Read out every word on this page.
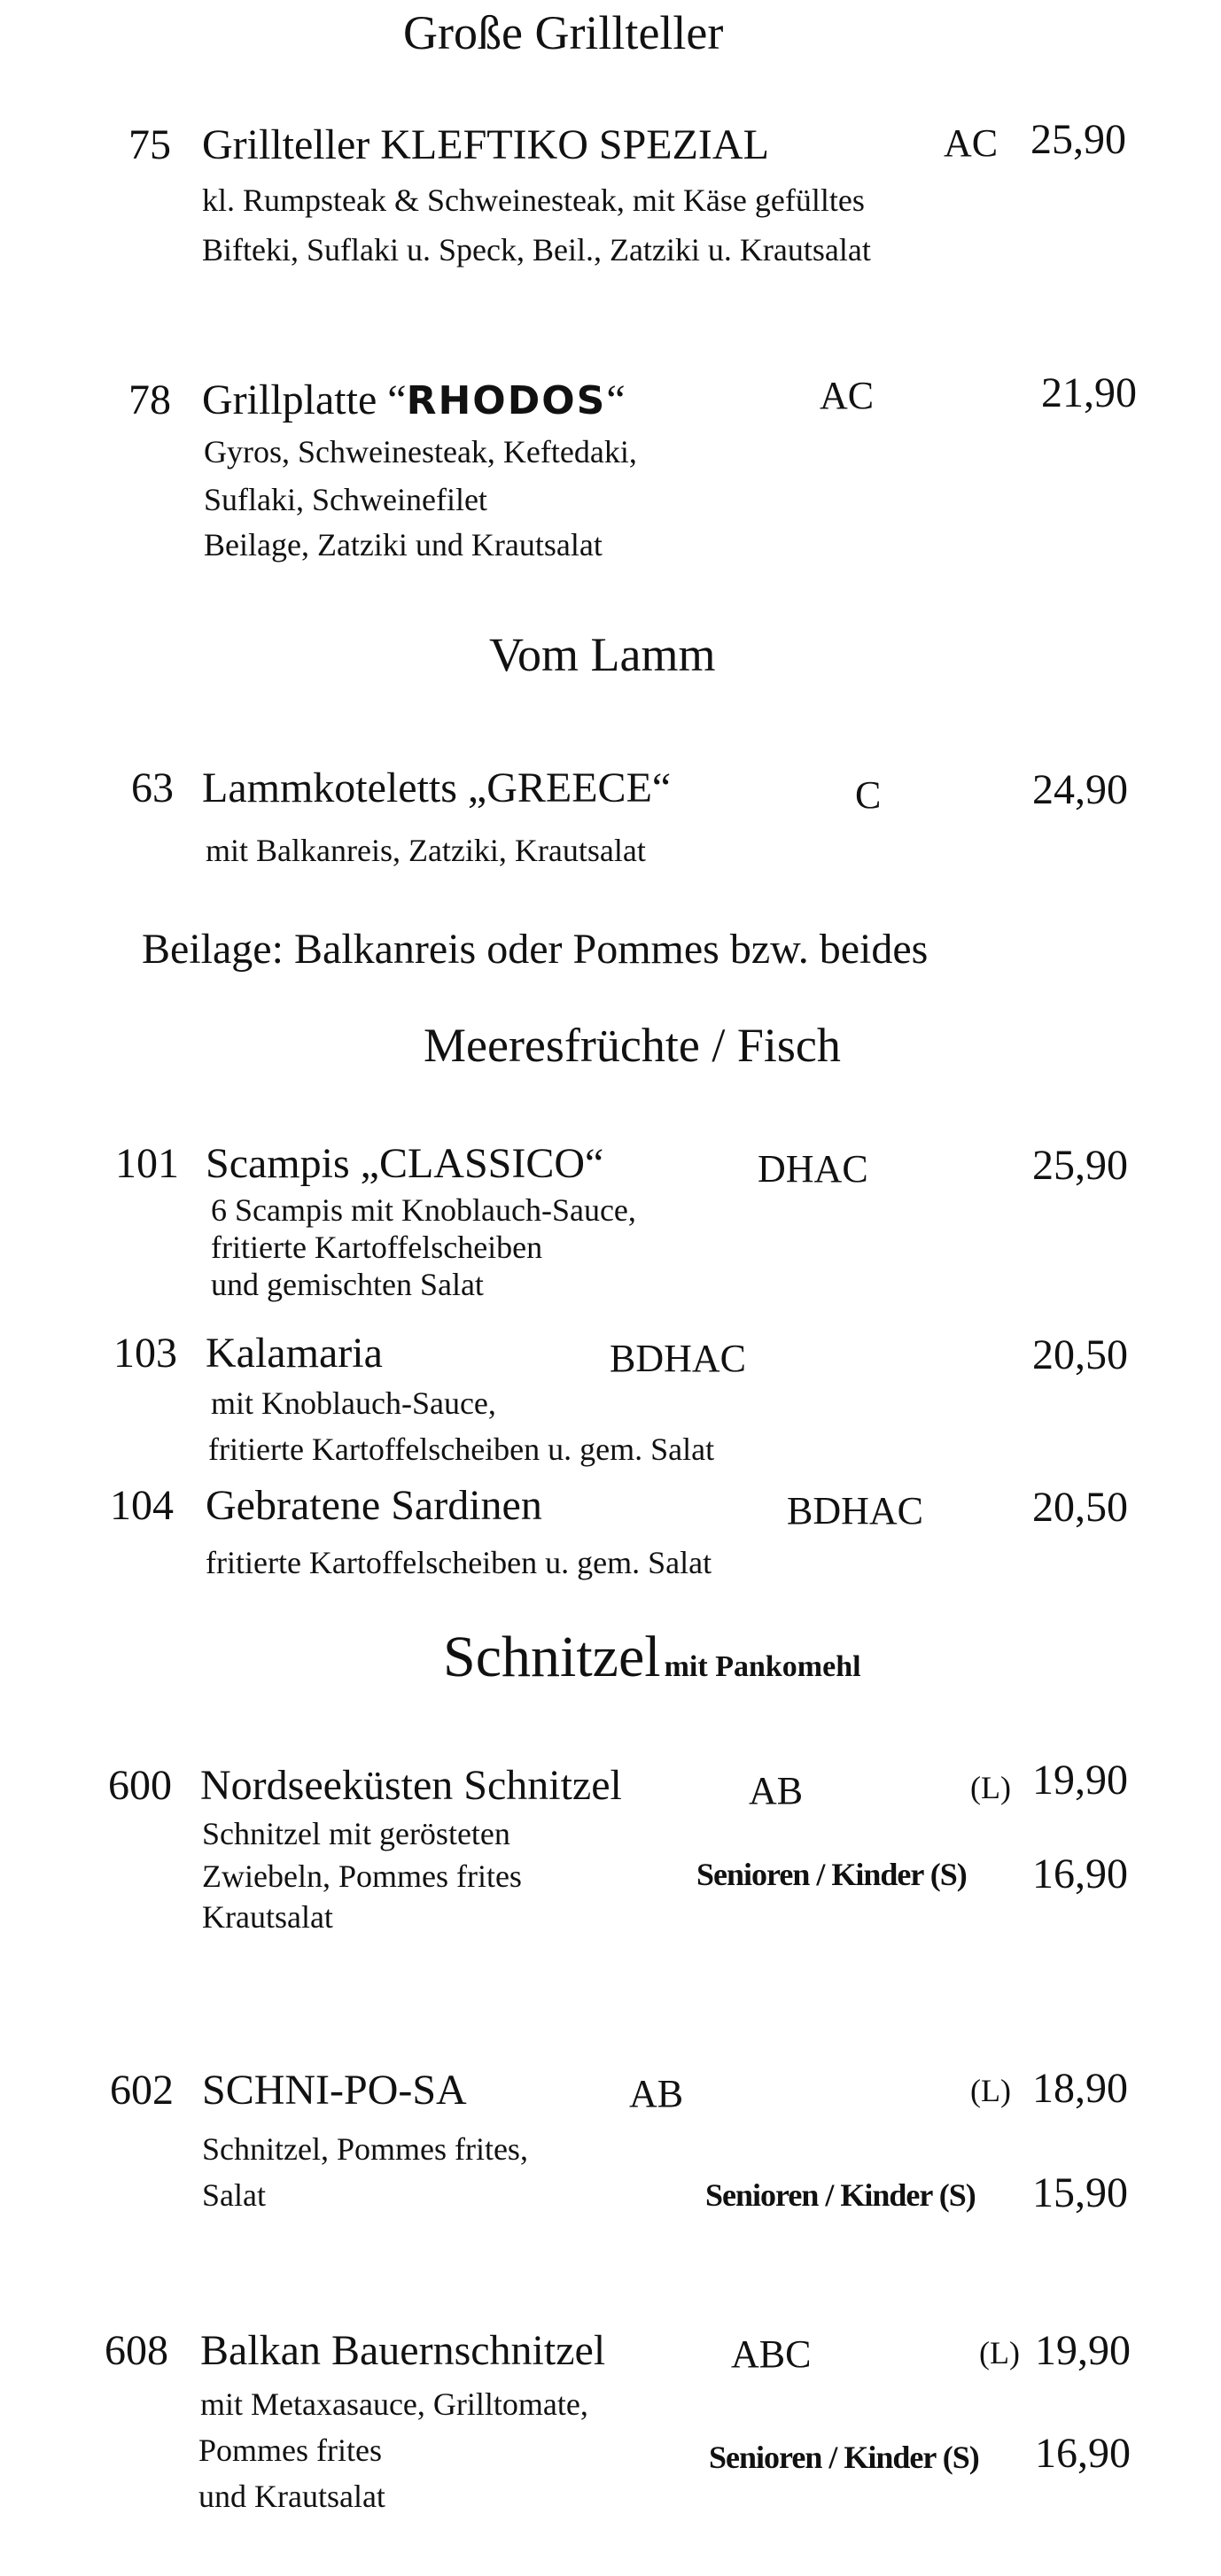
Große Grillteller
75 Grillteller KLEFTIKO SPEZIAL	AC 25,90
kl. Rumpsteak & Schweinesteak, mit Käse gefülltes
Bifteki, Suflaki u. Speck, Beil., Zatziki u. Krautsalat
78 Grillplatte “RHODOS“	AC	21,90
Gyros, Schweinesteak, Keftedaki,
Suflaki, Schweinefilet
Beilage, Zatziki und Krautsalat
Vom Lamm
63 Lammkoteletts „GREECE“	C	24,90
mit Balkanreis, Zatziki, Krautsalat
Beilage: Balkanreis oder Pommes bzw. beides
Meeresfrüchte / Fisch
101 Scampis „CLASSICO“	DHAC	25,90
6 Scampis mit Knoblauch-Sauce,
fritierte Kartoffelscheiben
und gemischten Salat
103 Kalamaria	BDHAC	20,50
mit Knoblauch-Sauce,
fritierte Kartoffelscheiben u. gem. Salat
104 Gebratene Sardinen	BDHAC	20,50
fritierte Kartoffelscheiben u. gem. Salat
Schnitzel mit Pankomehl
600 Nordseeküsten Schnitzel	AB	(L) 19,90
Schnitzel mit gerösteten
Zwiebeln, Pommes frites
Krautsalat
Senioren / Kinder (S) 16,90
602 SCHNI-PO-SA	AB	(L) 18,90
Schnitzel, Pommes frites,
Salat	Senioren / Kinder (S) 15,90
608 Balkan Bauernschnitzel	ABC	(L) 19,90
mit Metaxasauce, Grilltomate,
Pommes frites
und Krautsalat
Senioren / Kinder (S) 16,90
